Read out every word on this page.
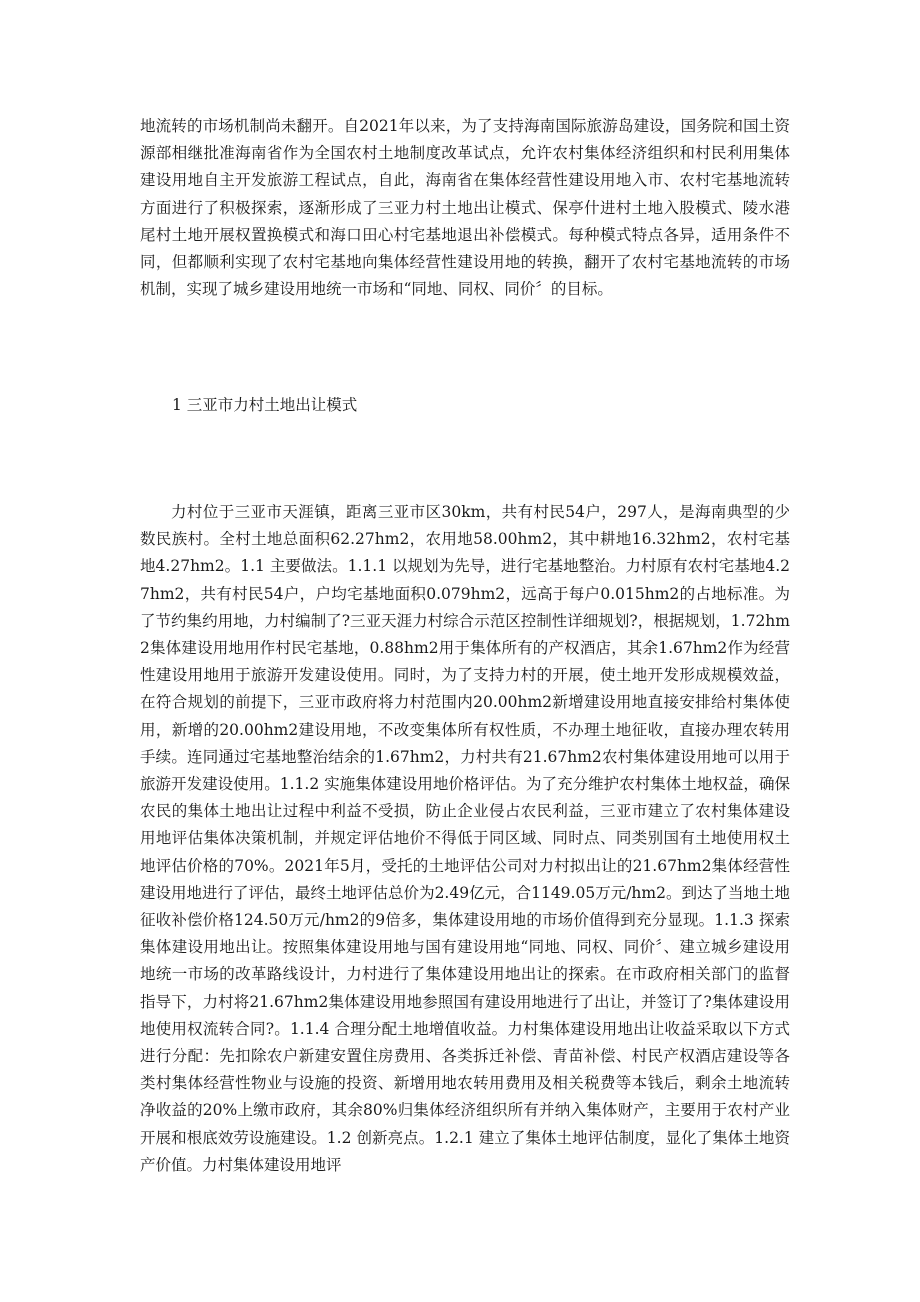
地流转的市场机制尚未翻开。自2021年以来，为了支持海南国际旅游岛建设，国务院和国土资源部相继批准海南省作为全国农村土地制度改革试点，允许农村集体经济组织和村民利用集体建设用地自主开发旅游工程试点，自此，海南省在集体经营性建设用地入市、农村宅基地流转方面进行了积极探索，逐渐形成了三亚力村土地出让模式、保亭什进村土地入股模式、陵水港尾村土地开展权置换模式和海口田心村宅基地退出补偿模式。每种模式特点各异，适用条件不同，但都顺利实现了农村宅基地向集体经营性建设用地的转换，翻开了农村宅基地流转的市场机制，实现了城乡建设用地统一市场和“同地、同权、同价〞的目标。

1 三亚市力村土地出让模式

力村位于三亚市天涯镇，距离三亚市区30km，共有村民54户，297人，是海南典型的少数民族村。全村土地总面积62.27hm2，农用地58.00hm2，其中耕地16.32hm2，农村宅基地4.27hm2。1.1 主要做法。1.1.1 以规划为先导，进行宅基地整治。力村原有农村宅基地4.27hm2，共有村民54户，户均宅基地面积0.079hm2，远高于每户0.015hm2的占地标准。为了节约集约用地，力村编制了?三亚天涯力村综合示范区控制性详细规划?，根据规划，1.72hm2集体建设用地用作村民宅基地，0.88hm2用于集体所有的产权酒店，其余1.67hm2作为经营性建设用地用于旅游开发建设使用。同时，为了支持力村的开展，使土地开发形成规模效益，在符合规划的前提下，三亚市政府将力村范围内20.00hm2新增建设用地直接安排给村集体使用，新增的20.00hm2建设用地，不改变集体所有权性质，不办理土地征收，直接办理农转用手续。连同通过宅基地整治结余的1.67hm2，力村共有21.67hm2农村集体建设用地可以用于旅游开发建设使用。1.1.2 实施集体建设用地价格评估。为了充分维护农村集体土地权益，确保农民的集体土地出让过程中利益不受损，防止企业侵占农民利益，三亚市建立了农村集体建设用地评估集体决策机制，并规定评估地价不得低于同区域、同时点、同类别国有土地使用权土地评估价格的70%。2021年5月，受托的土地评估公司对力村拟出让的21.67hm2集体经营性建设用地进行了评估，最终土地评估总价为2.49亿元，合1149.05万元/hm2。到达了当地土地征收补偿价格124.50万元/hm2的9倍多，集体建设用地的市场价值得到充分显现。1.1.3 探索集体建设用地出让。按照集体建设用地与国有建设用地“同地、同权、同价〞、建立城乡建设用地统一市场的改革路线设计，力村进行了集体建设用地出让的探索。在市政府相关部门的监督指导下，力村将21.67hm2集体建设用地参照国有建设用地进行了出让，并签订了?集体建设用地使用权流转合同?。1.1.4 合理分配土地增值收益。力村集体建设用地出让收益采取以下方式进行分配：先扣除农户新建安置住房费用、各类拆迁补偿、青苗补偿、村民产权酒店建设等各类村集体经营性物业与设施的投资、新增用地农转用费用及相关税费等本钱后，剩余土地流转净收益的20%上缴市政府，其余80%归集体经济组织所有并纳入集体财产，主要用于农村产业开展和根底效劳设施建设。1.2 创新亮点。1.2.1 建立了集体土地评估制度，显化了集体土地资产价值。力村集体建设用地评
